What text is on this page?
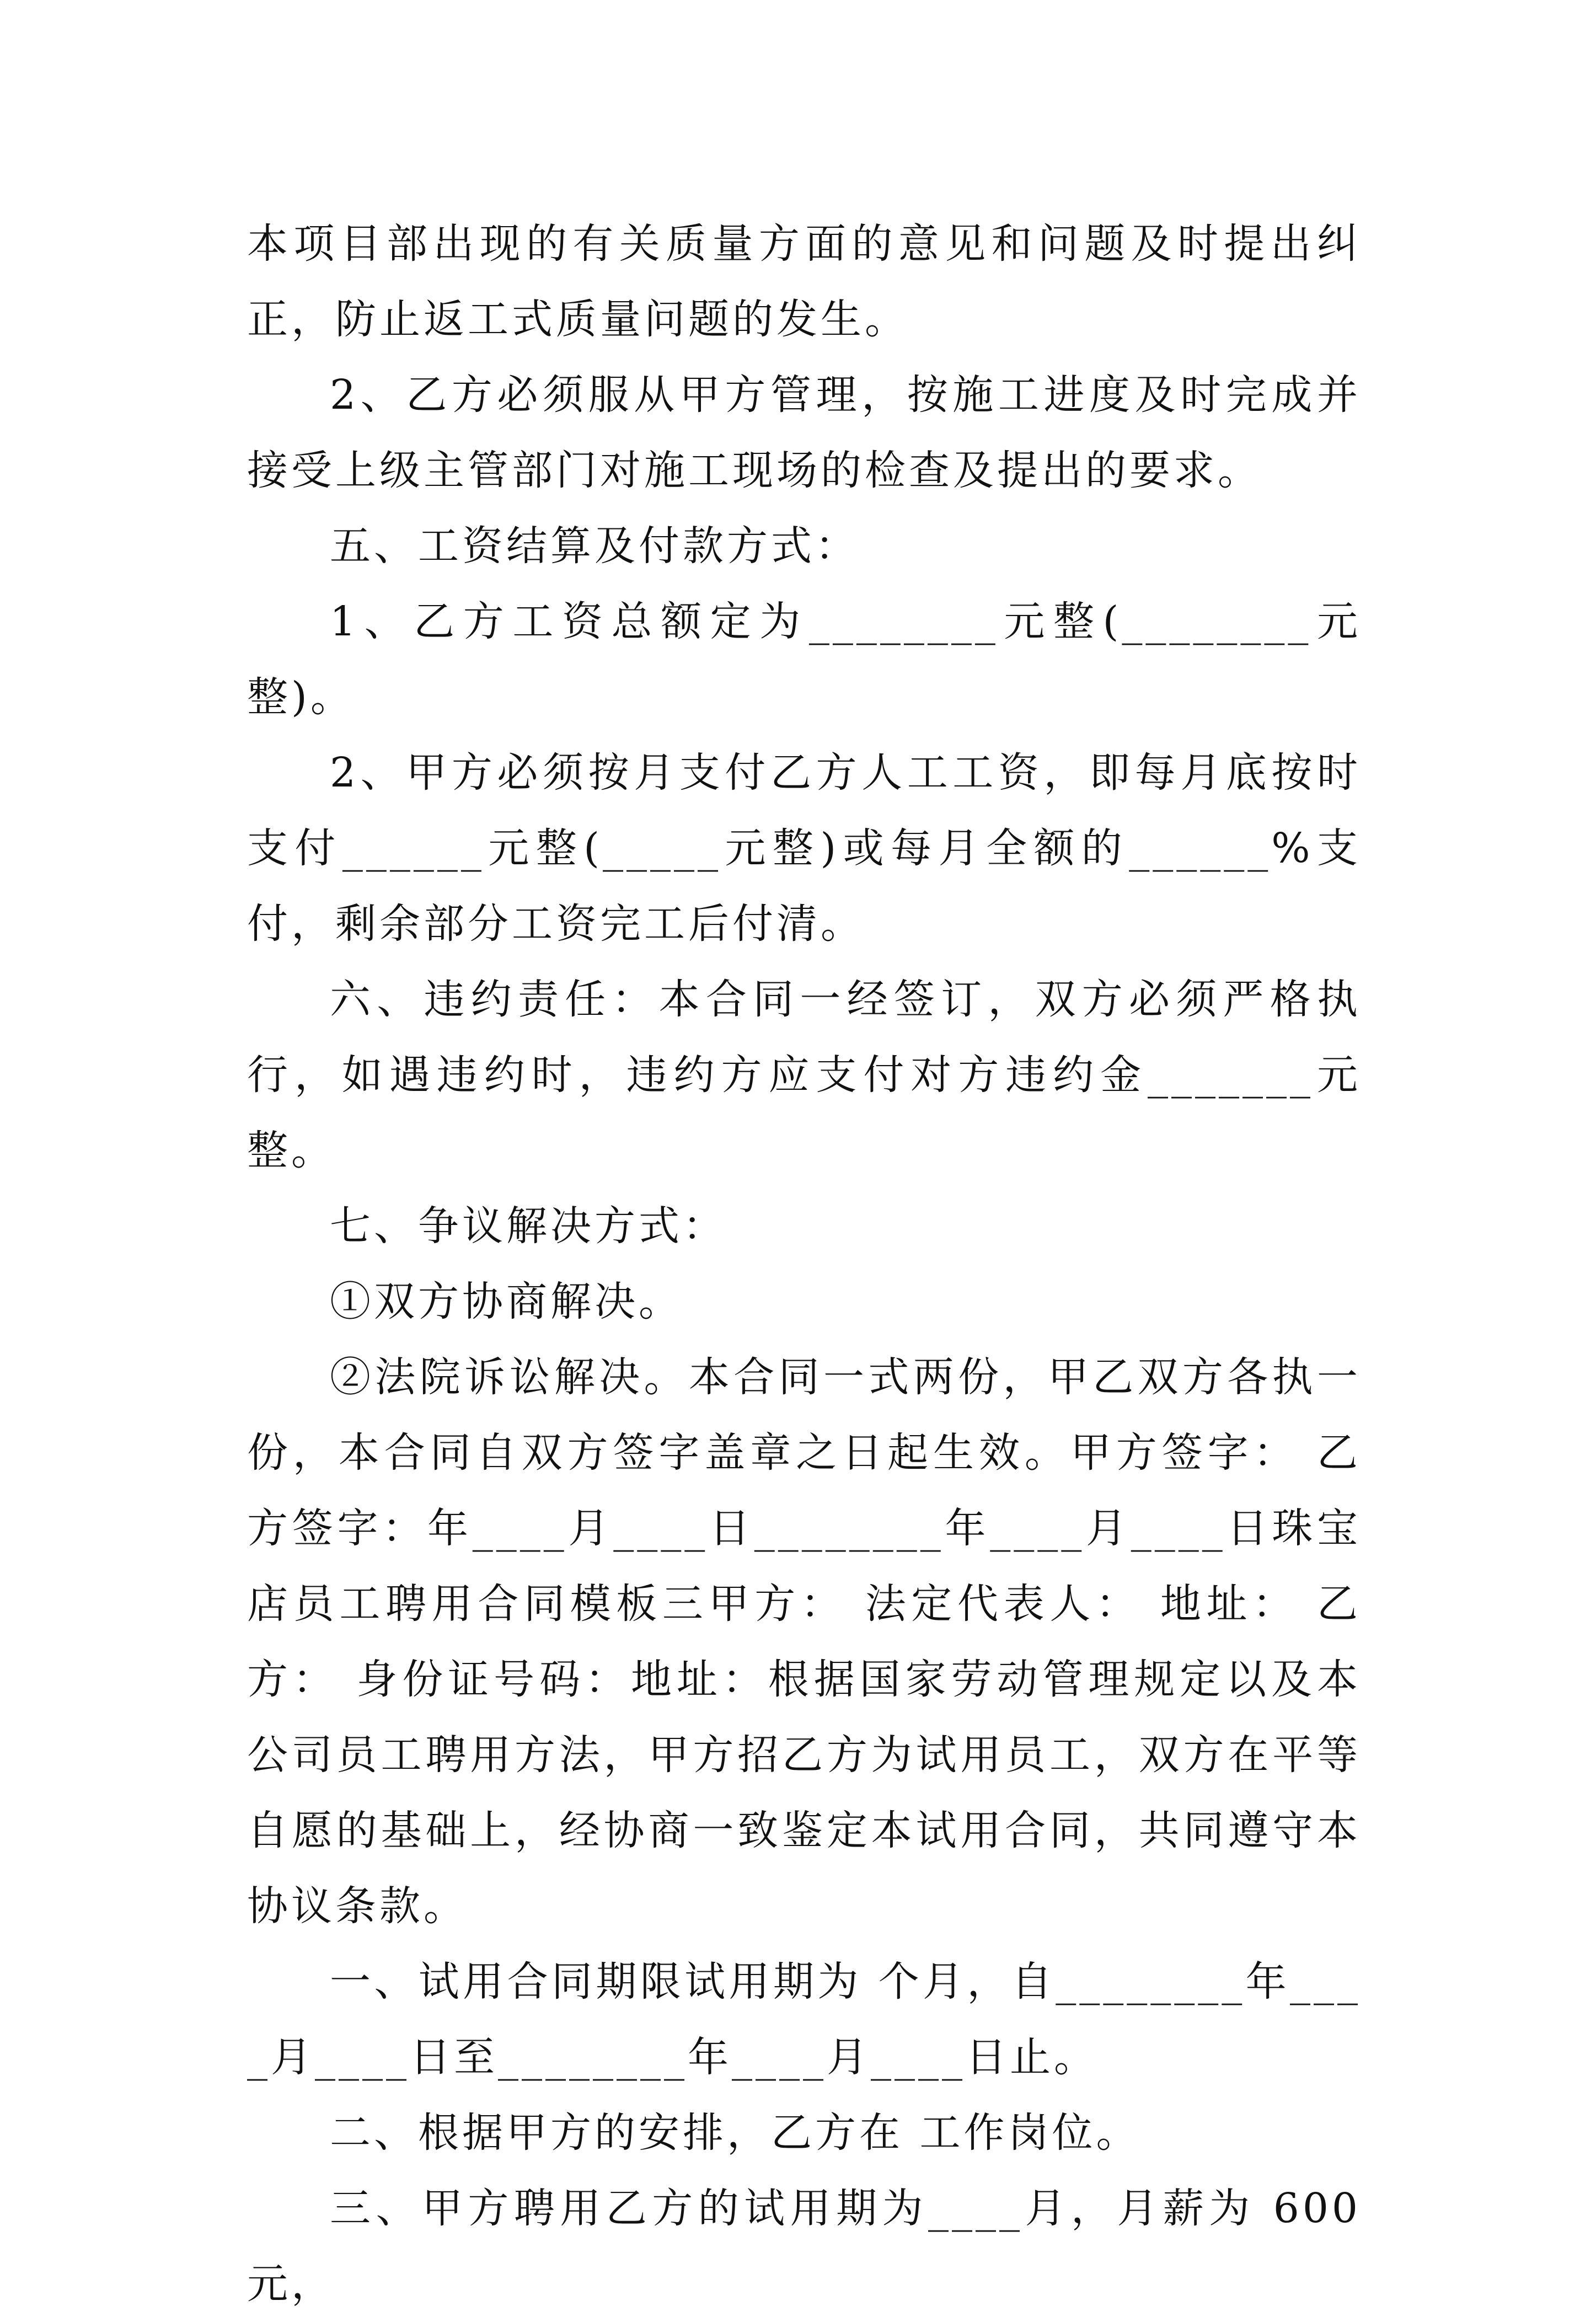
本项目部出现的有关质量方面的意见和问题及时提出纠正，防止返工式质量问题的发生。

2、乙方必须服从甲方管理，按施工进度及时完成并接受上级主管部门对施工现场的检查及提出的要求。

五、工资结算及付款方式：

1、乙方工资总额定为________元整(________元整)。

2、甲方必须按月支付乙方人工工资，即每月底按时支付______元整(_____元整)或每月全额的______%支付，剩余部分工资完工后付清。

六、违约责任：本合同一经签订，双方必须严格执行，如遇违约时，违约方应支付对方违约金_______元整。

七、争议解决方式：

①双方协商解决。

②法院诉讼解决。本合同一式两份，甲乙双方各执一份，本合同自双方签字盖章之日起生效。甲方签字： 乙方签字：年____月____日________年____月____日珠宝店员工聘用合同模板三甲方： 法定代表人： 地址： 乙方： 身份证号码：地址：根据国家劳动管理规定以及本公司员工聘用方法，甲方招乙方为试用员工，双方在平等自愿的基础上，经协商一致鉴定本试用合同，共同遵守本协议条款。

一、试用合同期限试用期为 个月，自________年____月____日至________年____月____日止。

二、根据甲方的安排，乙方在 工作岗位。

三、甲方聘用乙方的试用期为____月，月薪为 600 元，
